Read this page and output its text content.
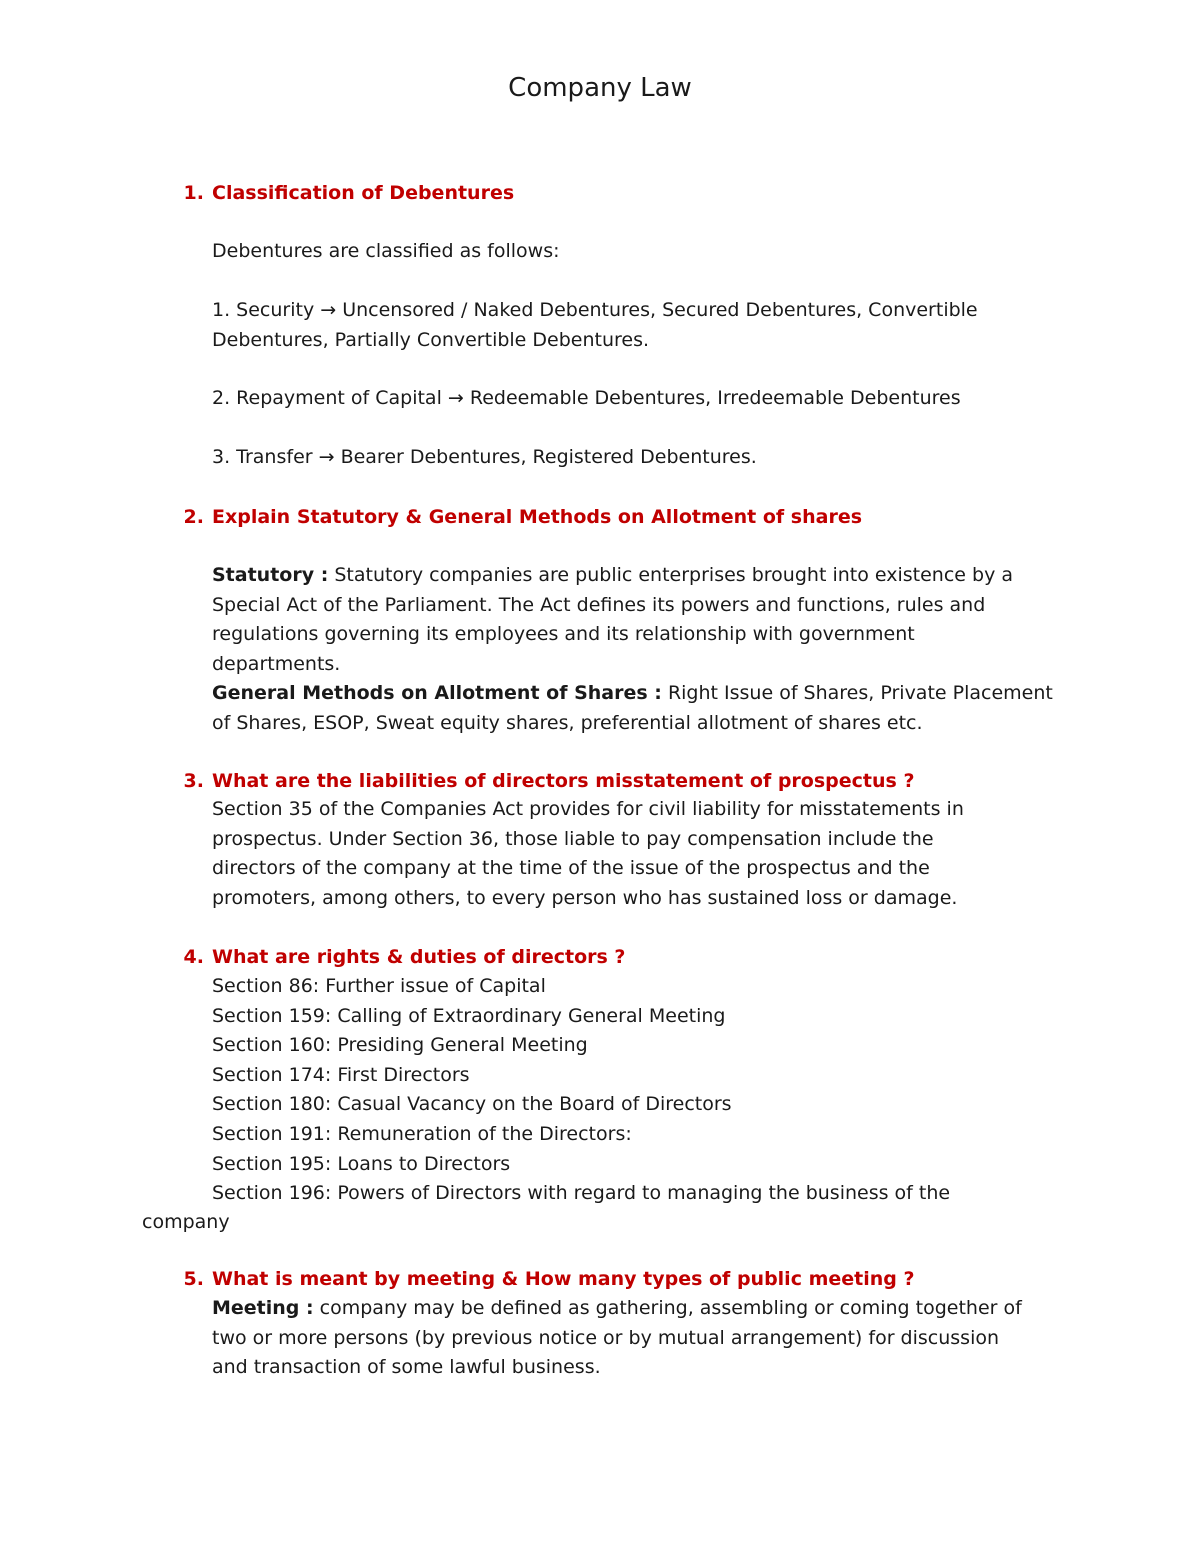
Company Law
1. Classification of Debentures
Debentures are classified as follows:
1. Security → Uncensored / Naked Debentures, Secured Debentures, Convertible
Debentures, Partially Convertible Debentures.
2. Repayment of Capital → Redeemable Debentures, Irredeemable Debentures
3. Transfer → Bearer Debentures, Registered Debentures.
2. Explain Statutory & General Methods on Allotment of shares
Statutory : Statutory companies are public enterprises brought into existence by a
Special Act of the Parliament. The Act defines its powers and functions, rules and
regulations governing its employees and its relationship with government
departments.
General Methods on Allotment of Shares : Right Issue of Shares, Private Placement
of Shares, ESOP, Sweat equity shares, preferential allotment of shares etc.
3. What are the liabilities of directors misstatement of prospectus ?
Section 35 of the Companies Act provides for civil liability for misstatements in
prospectus. Under Section 36, those liable to pay compensation include the
directors of the company at the time of the issue of the prospectus and the
promoters, among others, to every person who has sustained loss or damage.
4. What are rights & duties of directors ?
Section 86: Further issue of Capital
Section 159: Calling of Extraordinary General Meeting
Section 160: Presiding General Meeting
Section 174: First Directors
Section 180: Casual Vacancy on the Board of Directors
Section 191: Remuneration of the Directors:
Section 195: Loans to Directors
Section 196: Powers of Directors with regard to managing the business of the
company
5. What is meant by meeting & How many types of public meeting ?
Meeting : company may be defined as gathering, assembling or coming together of
two or more persons (by previous notice or by mutual arrangement) for discussion
and transaction of some lawful business.
